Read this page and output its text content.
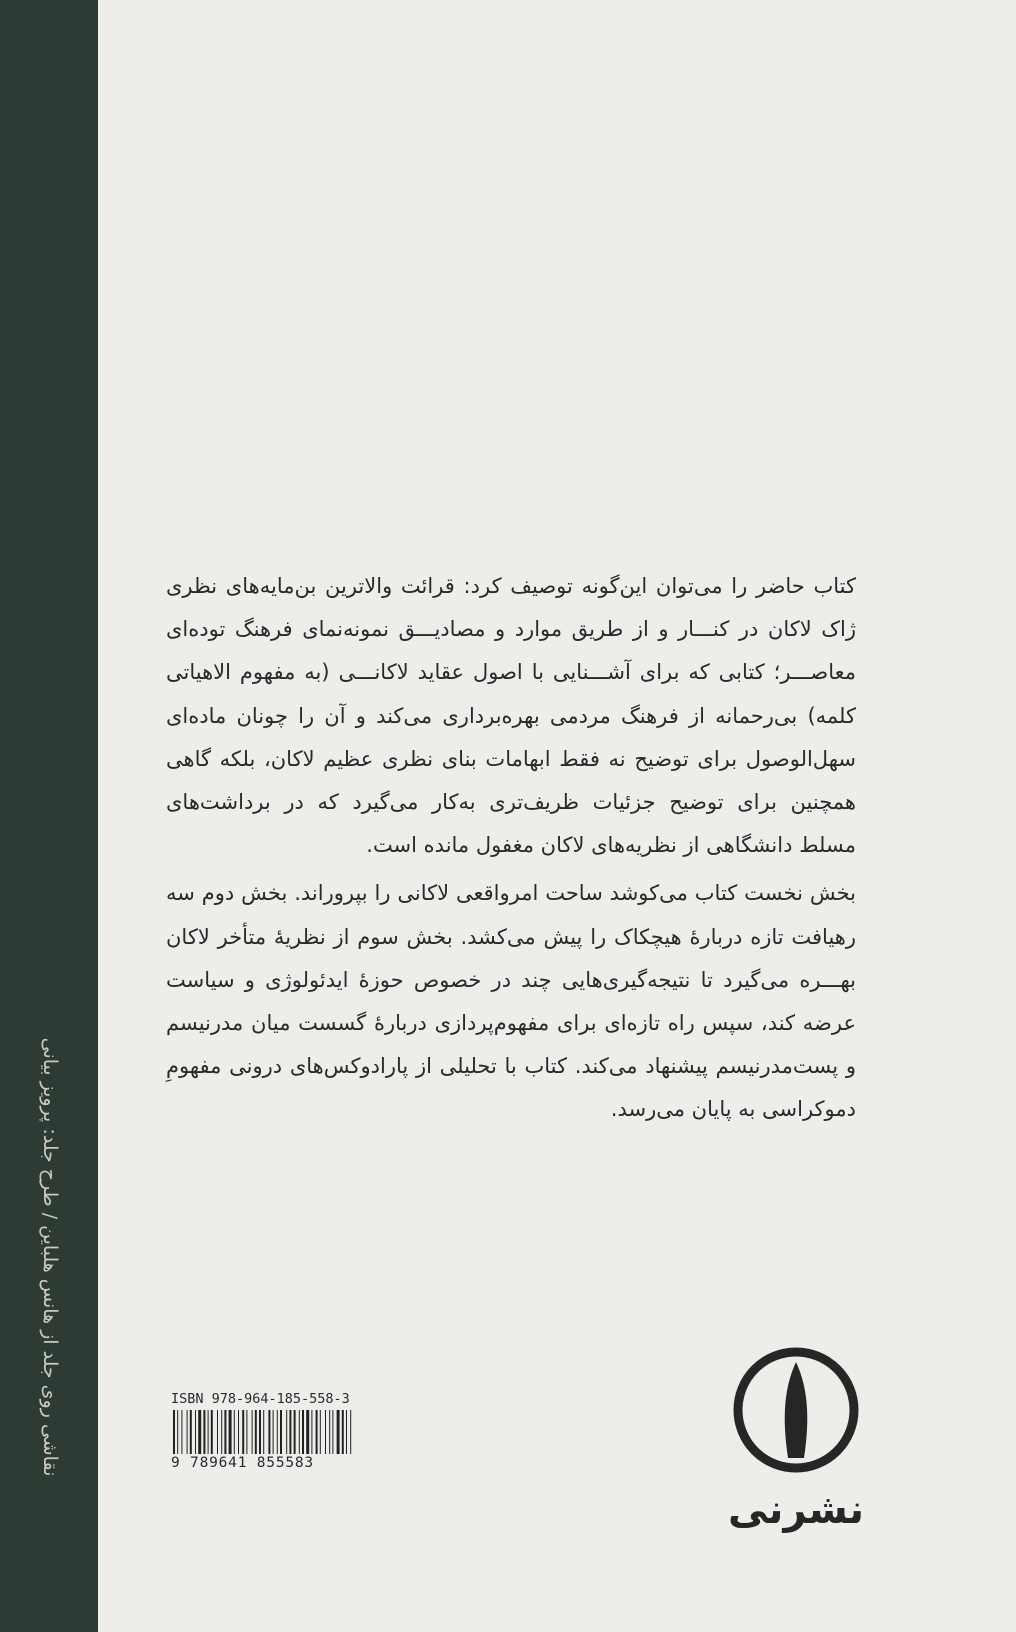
نقاشی روی جلد از هانس هلباین / طرح جلد: پرویز بیانی

کتاب حاضر را می‌توان این‌گونه توصیف کرد: قرائت والاترین بن‌مایه‌های نظری ژاک لاکان در کنـــار و از طریق موارد و مصادیـــق نمونه‌نمای فرهنگ توده‌ای معاصـــر؛ کتابی که برای آشـــنایی با اصول عقاید لاکانـــی (به مفهوم الاهیاتی کلمه) بی‌رحمانه از فرهنگ مردمی بهره‌برداری می‌کند و آن را چونان ماده‌ای سهل‌الوصول برای توضیح نه فقط ابهامات بنای نظری عظیم لاکان، بلکه گاهی همچنین برای توضیح جزئیات ظریف‌تری به‌کار می‌گیرد که در برداشت‌های مسلط دانشگاهی از نظریه‌های لاکان مغفول مانده است.

بخش نخست کتاب می‌کوشد ساحت امرواقعی لاکانی را بپروراند. بخش دوم سه رهیافت تازه دربارهٔ هیچکاک را پیش می‌کشد. بخش سوم از نظریهٔ متأخر لاکان بهـــره می‌گیرد تا نتیجه‌گیری‌هایی چند در خصوص حوزهٔ ایدئولوژی و سیاست عرضه کند، سپس راه تازه‌ای برای مفهوم‌پردازی دربارهٔ گسست میان مدرنیسم و پست‌مدرنیسم پیشنهاد می‌کند. کتاب با تحلیلی از پارادوکس‌های درونی مفهومِ دموکراسی به پایان می‌رسد.

ISBN 978-964-185-558-3
9 789641 855583
نشرنی
